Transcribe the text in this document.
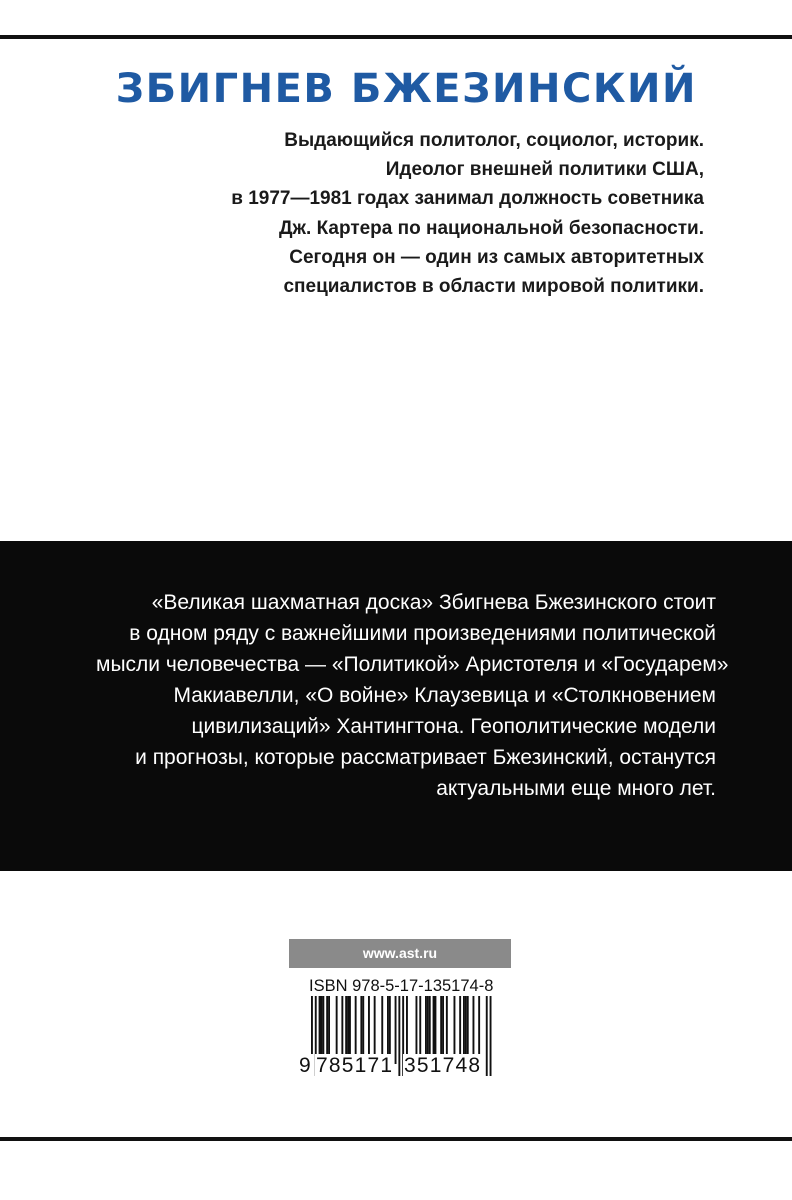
ЗБИГНЕВ БЖЕЗИНСКИЙ
Выдающийся политолог, социолог, историк.
Идеолог внешней политики США,
в 1977—1981 годах занимал должность советника
Дж. Картера по национальной безопасности.
Сегодня он — один из самых авторитетных
специалистов в области мировой политики.
«Великая шахматная доска» Збигнева Бжезинского стоит
в одном ряду с важнейшими произведениями политической
мысли человечества — «Политикой» Аристотеля и «Государем»
Макиавелли, «О войне» Клаузевица и «Столкновением
цивилизаций» Хантингтона. Геополитические модели
и прогнозы, которые рассматривает Бжезинский, останутся
актуальными еще много лет.
www.ast.ru
ISBN 978-5-17-135174-8
9 785171 351748
